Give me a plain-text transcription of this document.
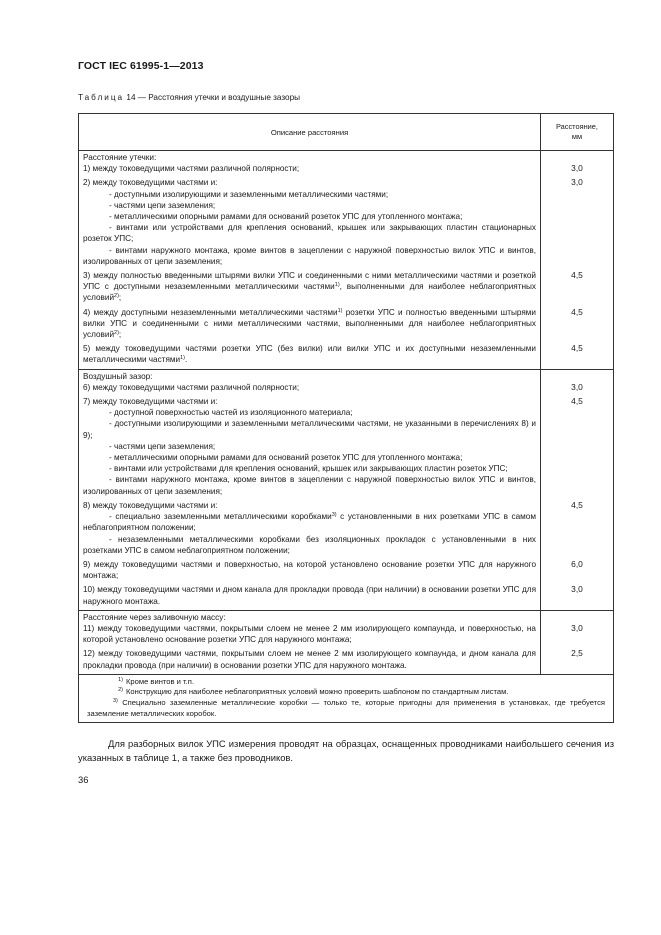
ГОСТ IEC 61995-1—2013
Таблица 14 — Расстояния утечки и воздушные зазоры
Описание расстояния
Расстояние,
мм
Расстояние утечки:
1) между токоведущими частями различной полярности;	3,0
2) между токоведущими частями и:
- доступными изолирующими и заземленными металлическими частями;
- частями цепи заземления;
- металлическими опорными рамами для оснований розеток УПС для утопленного монтажа;
- винтами или устройствами для крепления оснований, крышек или закрывающих пластин стационарных розеток УПС;
- винтами наружного монтажа, кроме винтов в зацеплении с наружной поверхностью вилок УПС и винтов, изолированных от цепи заземления;
3,0
3) между полностью введенными штырями вилки УПС и соединенными с ними металлическими частями и розеткой УПС с доступными незаземленными металлическими частями$^{1)}$, выполненными для наиболее неблагоприятных условий$^{2)}$;
4,5
4) между доступными незаземленными металлическими частями$^{1)}$ розетки УПС и полностью введенными штырями вилки УПС и соединенными с ними металлическими частями, выполненными для наиболее неблагоприятных условий$^{2)}$;
4,5
5) между токоведущими частями розетки УПС (без вилки) или вилки УПС и их доступными незаземленными металлическими частями$^{1)}$.
4,5
Воздушный зазор:
6) между токоведущими частями различной полярности;	3,0
7) между токоведущими частями и:
- доступной поверхностью частей из изоляционного материала;
- доступными изолирующими и заземленными металлическими частями, не указанными в перечислениях 8) и 9);
- частями цепи заземления;
- металлическими опорными рамами для оснований розеток УПС для утопленного монтажа;
- винтами или устройствами для крепления оснований, крышек или закрывающих пластин розеток УПС;
- винтами наружного монтажа, кроме винтов в зацеплении с наружной поверхностью вилок УПС и винтов, изолированных от цепи заземления;
4,5
8) между токоведущими частями и:
- специально заземленными металлическими коробками$^{3)}$ с установленными в них розетками УПС в самом неблагоприятном положении;
- незаземленными металлическими коробками без изоляционных прокладок с установленными в них розетками УПС в самом неблагоприятном положении;
4,5
9) между токоведущими частями и поверхностью, на которой установлено основание розетки УПС для наружного монтажа;
6,0
10) между токоведущими частями и дном канала для прокладки провода (при наличии) в основании розетки УПС для наружного монтажа.
3,0
Расстояние через заливочную массу:
11) между токоведущими частями, покрытыми слоем не менее 2 мм изолирующего компаунда, и поверхностью, на которой установлено основание розетки УПС для наружного монтажа;
3,0
12) между токоведущими частями, покрытыми слоем не менее 2 мм изолирующего компаунда, и дном канала для прокладки провода (при наличии) в основании розетки УПС для наружного монтажа.
2,5
$^{1)}$ Кроме винтов и т.п.
$^{2)}$ Конструкцию для наиболее неблагоприятных условий можно проверить шаблоном по стандартным листам.
$^{3)}$ Специально заземленные металлические коробки — только те, которые пригодны для применения в установках, где требуется заземление металлических коробок.
Для разборных вилок УПС измерения проводят на образцах, оснащенных проводниками наибольшего сечения из указанных в таблице 1, а также без проводников.
36
